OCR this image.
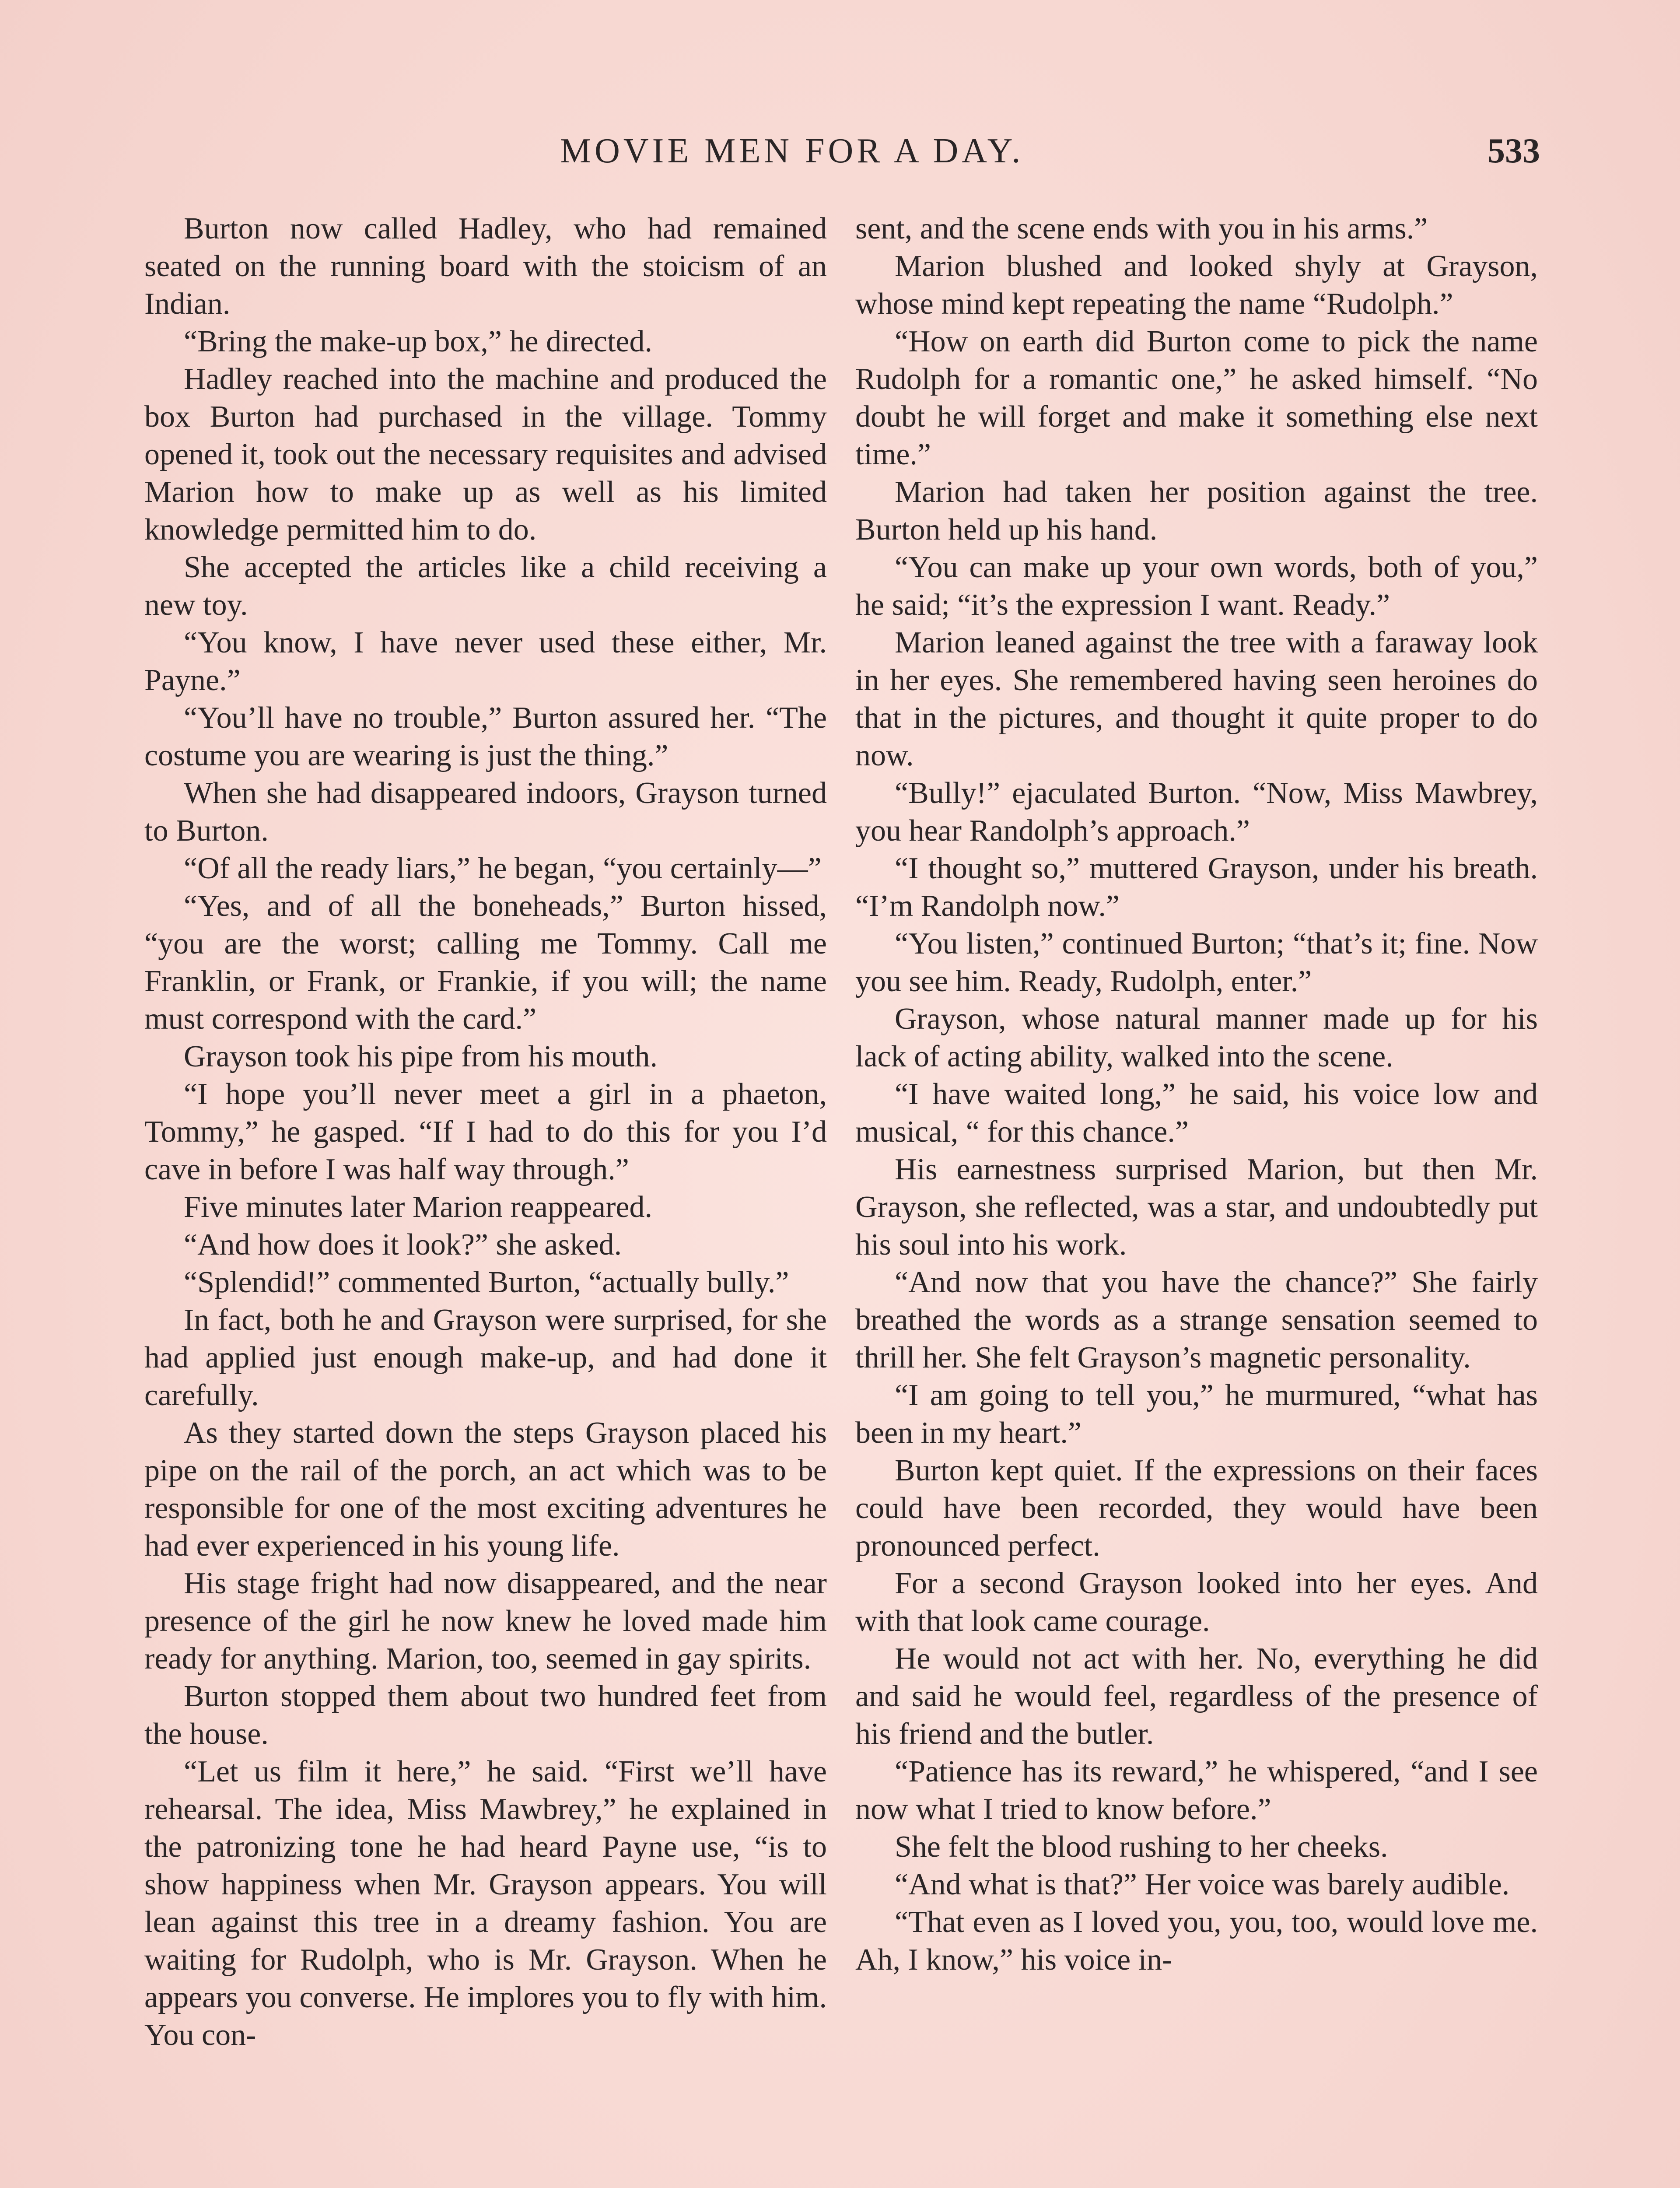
MOVIE MEN FOR A DAY.	533

Burton now called Hadley, who had remained seated on the running board with the stoicism of an Indian.

“Bring the make-up box,” he directed.

Hadley reached into the machine and produced the box Burton had purchased in the village. Tommy opened it, took out the necessary requisites and advised Marion how to make up as well as his limited knowledge permitted him to do.

She accepted the articles like a child receiving a new toy.

“You know, I have never used these either, Mr. Payne.”

“You’ll have no trouble,” Burton assured her. “The costume you are wearing is just the thing.”

When she had disappeared indoors, Grayson turned to Burton.

“Of all the ready liars,” he began, “you certainly—”

“Yes, and of all the boneheads,” Burton hissed, “you are the worst; calling me Tommy. Call me Franklin, or Frank, or Frankie, if you will; the name must correspond with the card.”

Grayson took his pipe from his mouth.

“I hope you’ll never meet a girl in a phaeton, Tommy,” he gasped. “If I had to do this for you I’d cave in before I was half way through.”

Five minutes later Marion reappeared.

“And how does it look?” she asked.

“Splendid!” commented Burton, “actually bully.”

In fact, both he and Grayson were surprised, for she had applied just enough make-up, and had done it carefully.

As they started down the steps Grayson placed his pipe on the rail of the porch, an act which was to be responsible for one of the most exciting adventures he had ever experienced in his young life.

His stage fright had now disappeared, and the near presence of the girl he now knew he loved made him ready for anything. Marion, too, seemed in gay spirits.

Burton stopped them about two hundred feet from the house.

“Let us film it here,” he said. “First we’ll have rehearsal. The idea, Miss Mawbrey,” he explained in the patronizing tone he had heard Payne use, “is to show happiness when Mr. Grayson appears. You will lean against this tree in a dreamy fashion. You are waiting for Rudolph, who is Mr. Grayson. When he appears you converse. He implores you to fly with him. You con-

sent, and the scene ends with you in his arms.”

Marion blushed and looked shyly at Grayson, whose mind kept repeating the name “Rudolph.”

“How on earth did Burton come to pick the name Rudolph for a romantic one,” he asked himself. “No doubt he will forget and make it something else next time.”

Marion had taken her position against the tree. Burton held up his hand.

“You can make up your own words, both of you,” he said; “it’s the expression I want. Ready.”

Marion leaned against the tree with a faraway look in her eyes. She remembered having seen heroines do that in the pictures, and thought it quite proper to do now.

“Bully!” ejaculated Burton. “Now, Miss Mawbrey, you hear Randolph’s approach.”

“I thought so,” muttered Grayson, under his breath. “I’m Randolph now.”

“You listen,” continued Burton; “that’s it; fine. Now you see him. Ready, Rudolph, enter.”

Grayson, whose natural manner made up for his lack of acting ability, walked into the scene.

“I have waited long,” he said, his voice low and musical, “ for this chance.”

His earnestness surprised Marion, but then Mr. Grayson, she reflected, was a star, and undoubtedly put his soul into his work.

“And now that you have the chance?” She fairly breathed the words as a strange sensation seemed to thrill her. She felt Grayson’s magnetic personality.

“I am going to tell you,” he murmured, “what has been in my heart.”

Burton kept quiet. If the expressions on their faces could have been recorded, they would have been pronounced perfect.

For a second Grayson looked into her eyes. And with that look came courage.

He would not act with her. No, everything he did and said he would feel, regardless of the presence of his friend and the butler.

“Patience has its reward,” he whispered, “and I see now what I tried to know before.”

She felt the blood rushing to her cheeks.

“And what is that?” Her voice was barely audible.

“That even as I loved you, you, too, would love me. Ah, I know,” his voice in-
